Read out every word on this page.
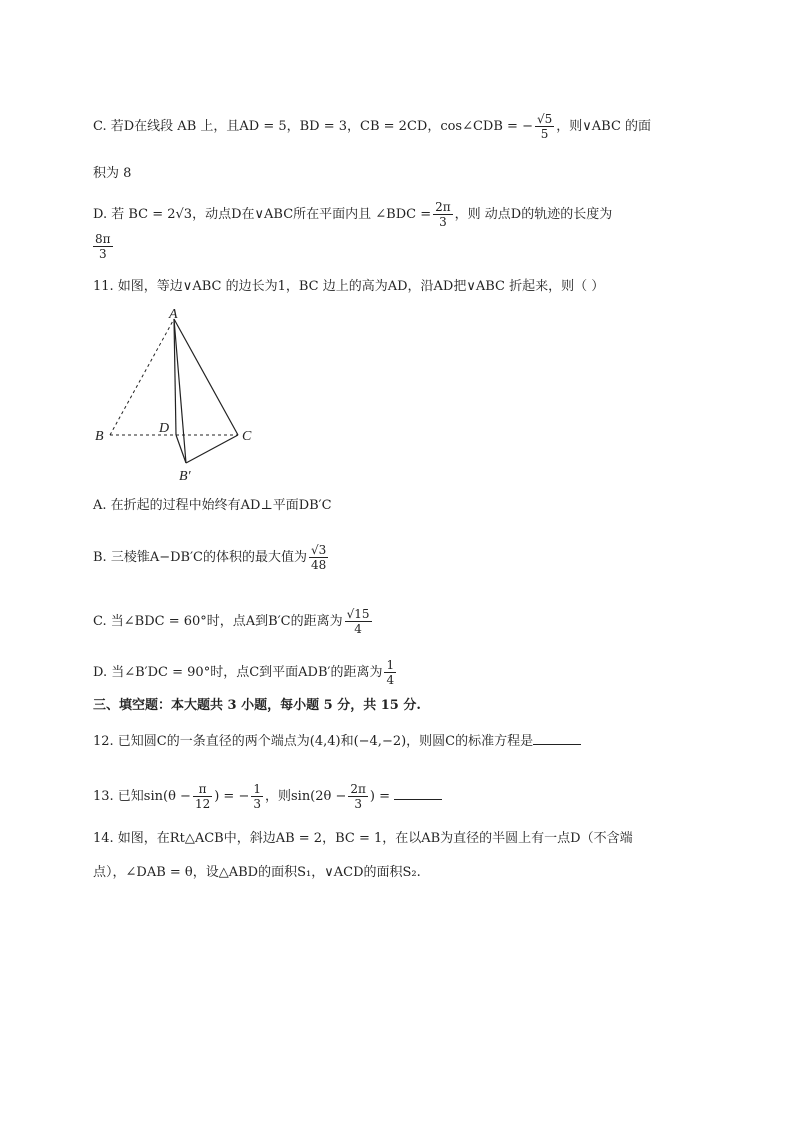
C. 若D在线段 AB 上，且AD = 5，BD = 3，CB = 2CD，cos∠CDB = − $\frac{√5}{5}$ ，则∨ABC 的面
积为 8
D. 若 BC = 2√3，动点D在∨ABC所在平面内且 ∠BDC = $\frac{2\pi}{3}$ ，则 动点D的轨迹的长度为
$\frac{8\pi}{3}$
11. 如图，等边∨ABC 的边长为1，BC 边上的高为AD，沿AD把∨ABC 折起来，则（ ）
A
B	C
D
B′
A. 在折起的过程中始终有AD⊥平面DB′C
B. 三棱锥A−DB′C的体积的最大值为 $\frac{√3}{48}$
C. 当∠BDC = 60°时，点A到B′C的距离为 $\frac{√15}{4}$
D. 当∠B′DC = 90°时，点C到平面ADB′的距离为 $\frac{1}{4}$
三、填空题：本大题共 3 小题，每小题 5 分，共 15 分.
12. 已知圆C的一条直径的两个端点为(4,4)和(−4,−2)，则圆C的标准方程是
13. 已知$\sin(\theta - \frac{\pi}{12}$ ) = − $\frac{1}{3}$ ，则$\sin(2\theta - \frac{2\pi}{3}$ ) =
14. 如图，在Rt△ACB中，斜边AB = 2，BC = 1，在以AB为直径的半圆上有一点D（不含端
点），∠DAB = θ，设△ABD的面积S₁，∨ACD的面积S₂.
